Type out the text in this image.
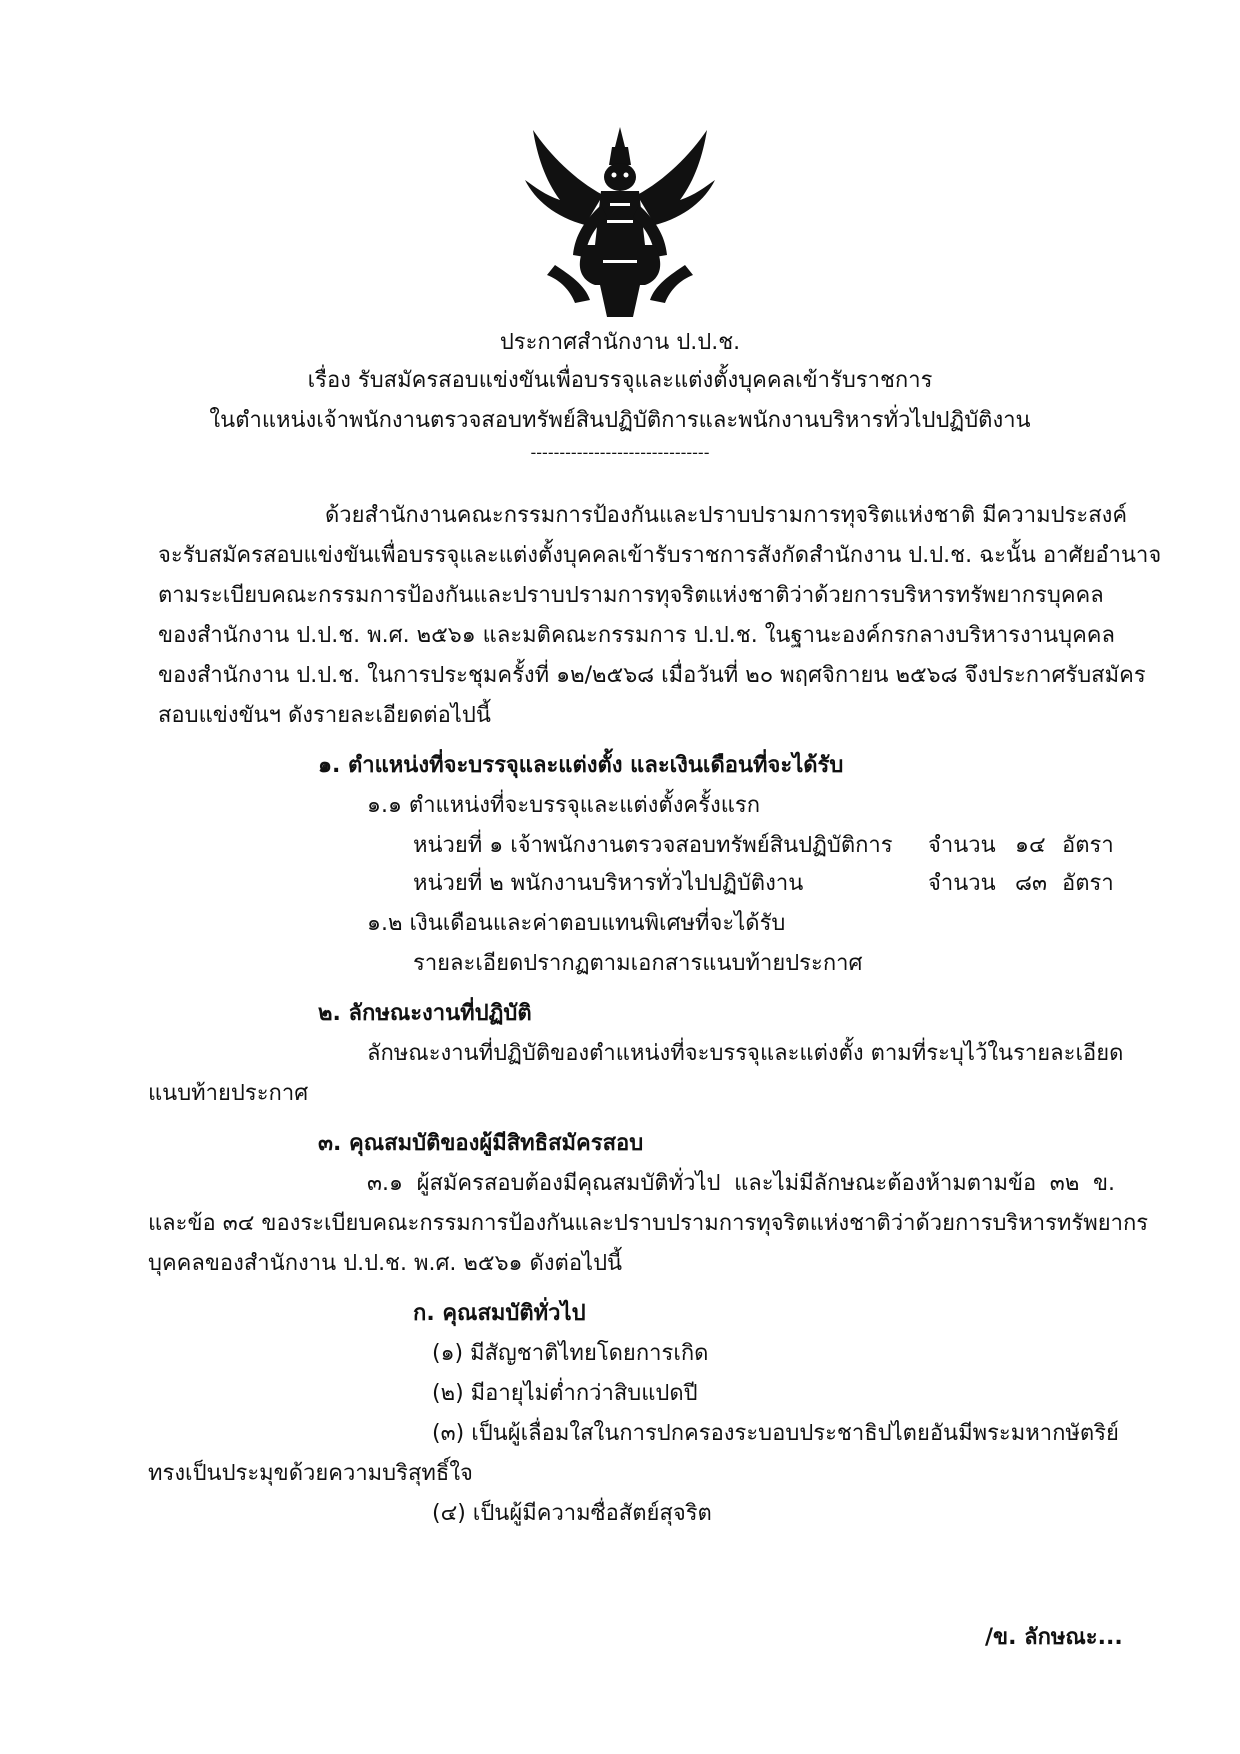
ประกาศสำนักงาน ป.ป.ช.
เรื่อง รับสมัครสอบแข่งขันเพื่อบรรจุและแต่งตั้งบุคคลเข้ารับราชการ
ในตำแหน่งเจ้าพนักงานตรวจสอบทรัพย์สินปฏิบัติการและพนักงานบริหารทั่วไปปฏิบัติงาน
-------------------------------
ด้วยสำนักงานคณะกรรมการป้องกันและปราบปรามการทุจริตแห่งชาติ มีความประสงค์
จะรับสมัครสอบแข่งขันเพื่อบรรจุและแต่งตั้งบุคคลเข้ารับราชการสังกัดสำนักงาน ป.ป.ช. ฉะนั้น อาศัยอำนาจ
ตามระเบียบคณะกรรมการป้องกันและปราบปรามการทุจริตแห่งชาติว่าด้วยการบริหารทรัพยากรบุคคล
ของสำนักงาน ป.ป.ช. พ.ศ. ๒๕๖๑ และมติคณะกรรมการ ป.ป.ช. ในฐานะองค์กรกลางบริหารงานบุคคล
ของสำนักงาน ป.ป.ช. ในการประชุมครั้งที่ ๑๒/๒๕๖๘ เมื่อวันที่ ๒๐ พฤศจิกายน ๒๕๖๘ จึงประกาศรับสมัคร
สอบแข่งขันฯ ดังรายละเอียดต่อไปนี้
๑. ตำแหน่งที่จะบรรจุและแต่งตั้ง และเงินเดือนที่จะได้รับ
๑.๑ ตำแหน่งที่จะบรรจุและแต่งตั้งครั้งแรก
หน่วยที่ ๑ เจ้าพนักงานตรวจสอบทรัพย์สินปฏิบัติการ จำนวน ๑๔ อัตรา
หน่วยที่ ๒ พนักงานบริหารทั่วไปปฏิบัติงาน	จำนวน ๘๓ อัตรา
๑.๒ เงินเดือนและค่าตอบแทนพิเศษที่จะได้รับ
รายละเอียดปรากฏตามเอกสารแนบท้ายประกาศ
๒. ลักษณะงานที่ปฏิบัติ
ลักษณะงานที่ปฏิบัติของตำแหน่งที่จะบรรจุและแต่งตั้ง ตามที่ระบุไว้ในรายละเอียด
แนบท้ายประกาศ
๓. คุณสมบัติของผู้มีสิทธิสมัครสอบ
๓.๑ ผู้สมัครสอบต้องมีคุณสมบัติทั่วไป และไม่มีลักษณะต้องห้ามตามข้อ ๓๒ ข.
และข้อ ๓๔ ของระเบียบคณะกรรมการป้องกันและปราบปรามการทุจริตแห่งชาติว่าด้วยการบริหารทรัพยากร
บุคคลของสำนักงาน ป.ป.ช. พ.ศ. ๒๕๖๑ ดังต่อไปนี้
ก. คุณสมบัติทั่วไป
(๑) มีสัญชาติไทยโดยการเกิด
(๒) มีอายุไม่ต่ำกว่าสิบแปดปี
(๓) เป็นผู้เลื่อมใสในการปกครองระบอบประชาธิปไตยอันมีพระมหากษัตริย์
ทรงเป็นประมุขด้วยความบริสุทธิ์ใจ
(๔) เป็นผู้มีความซื่อสัตย์สุจริต
/ข. ลักษณะ...
